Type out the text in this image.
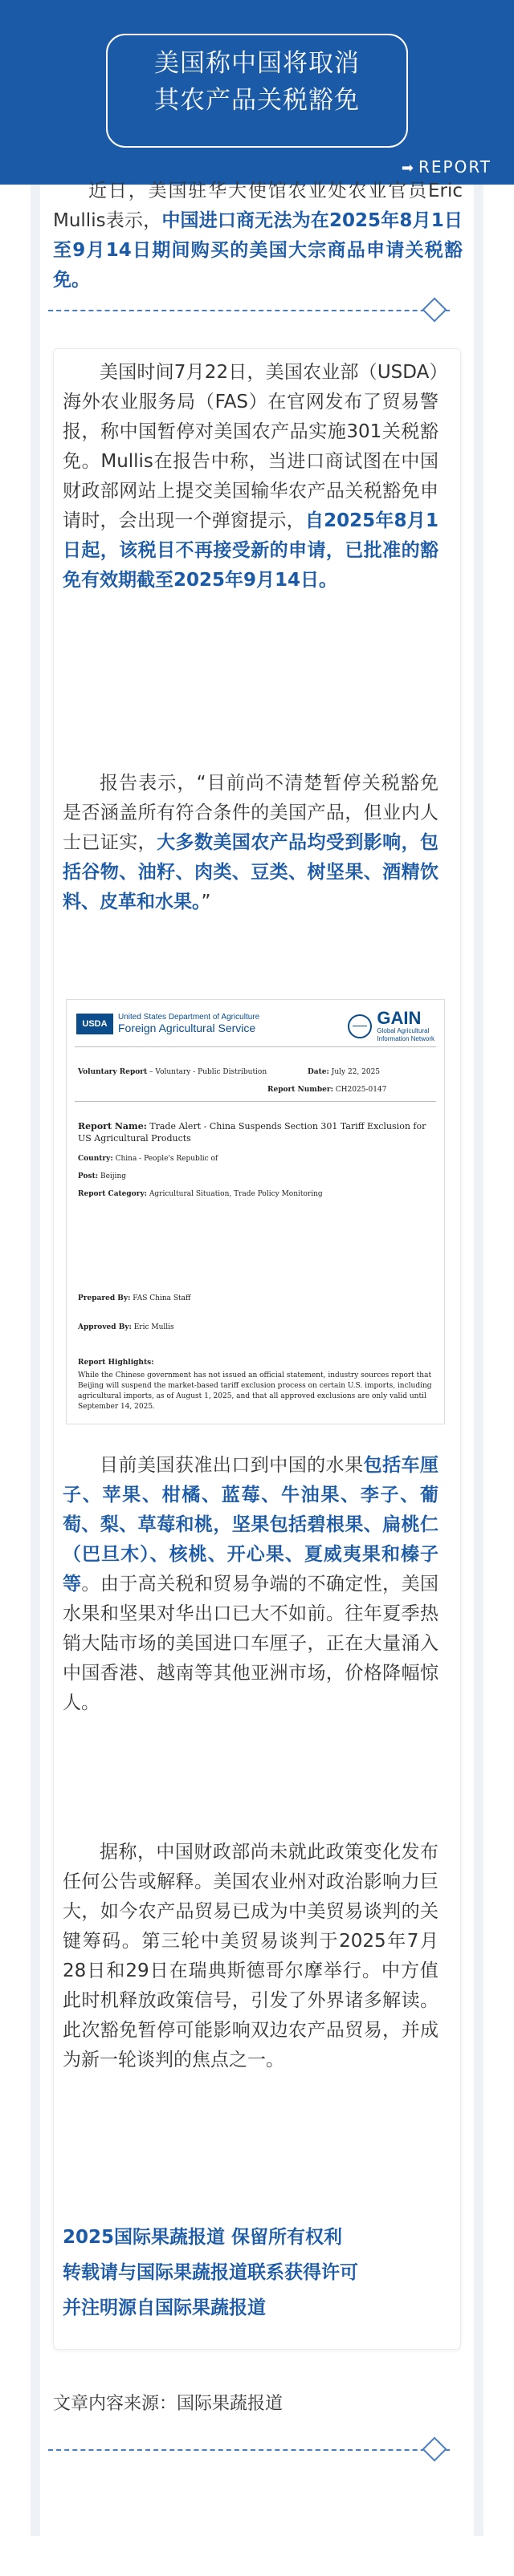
美国称中国将取消
其农产品关税豁免
➡ REPORT
近日，美国驻华大使馆农业处农业官员Eric Mullis表示，中国进口商无法为在2025年8月1日至9月14日期间购买的美国大宗商品申请关税豁免。
美国时间7月22日，美国农业部（USDA）海外农业服务局（FAS）在官网发布了贸易警报，称中国暂停对美国农产品实施301关税豁免。Mullis在报告中称，当进口商试图在中国财政部网站上提交美国输华农产品关税豁免申请时，会出现一个弹窗提示，自2025年8月1日起，该税目不再接受新的申请，已批准的豁免有效期截至2025年9月14日。
报告表示，“目前尚不清楚暂停关税豁免是否涵盖所有符合条件的美国产品，但业内人士已证实，大多数美国农产品均受到影响，包括谷物、油籽、肉类、豆类、树坚果、酒精饮料、皮革和水果。”
USDA
United States Department of Agriculture
Foreign Agricultural Service	GAIN
Global Agricultural
Information Network
Voluntary Report – Voluntary - Public Distribution	Date: July 22, 2025
Report Number: CH2025-0147
Report Name: Trade Alert - China Suspends Section 301 Tariff Exclusion for US Agricultural Products
Country: China - People's Republic of
Post: Beijing
Report Category: Agricultural Situation, Trade Policy Monitoring
Prepared By: FAS China Staff
Approved By: Eric Mullis
Report Highlights:
While the Chinese government has not issued an official statement, industry sources report that Beijing will suspend the market-based tariff exclusion process on certain U.S. imports, including agricultural imports, as of August 1, 2025, and that all approved exclusions are only valid until September 14, 2025.
目前美国获准出口到中国的水果包括车厘子、苹果、柑橘、蓝莓、牛油果、李子、葡萄、梨、草莓和桃，坚果包括碧根果、扁桃仁（巴旦木）、核桃、开心果、夏威夷果和榛子等。由于高关税和贸易争端的不确定性，美国水果和坚果对华出口已大不如前。往年夏季热销大陆市场的美国进口车厘子，正在大量涌入中国香港、越南等其他亚洲市场，价格降幅惊人。
据称，中国财政部尚未就此政策变化发布任何公告或解释。美国农业州对政治影响力巨大，如今农产品贸易已成为中美贸易谈判的关键筹码。第三轮中美贸易谈判于2025年7月28日和29日在瑞典斯德哥尔摩举行。中方值此时机释放政策信号，引发了外界诸多解读。此次豁免暂停可能影响双边农产品贸易，并成为新一轮谈判的焦点之一。
2025国际果蔬报道 保留所有权利
转载请与国际果蔬报道联系获得许可
并注明源自国际果蔬报道
文章内容来源：国际果蔬报道
